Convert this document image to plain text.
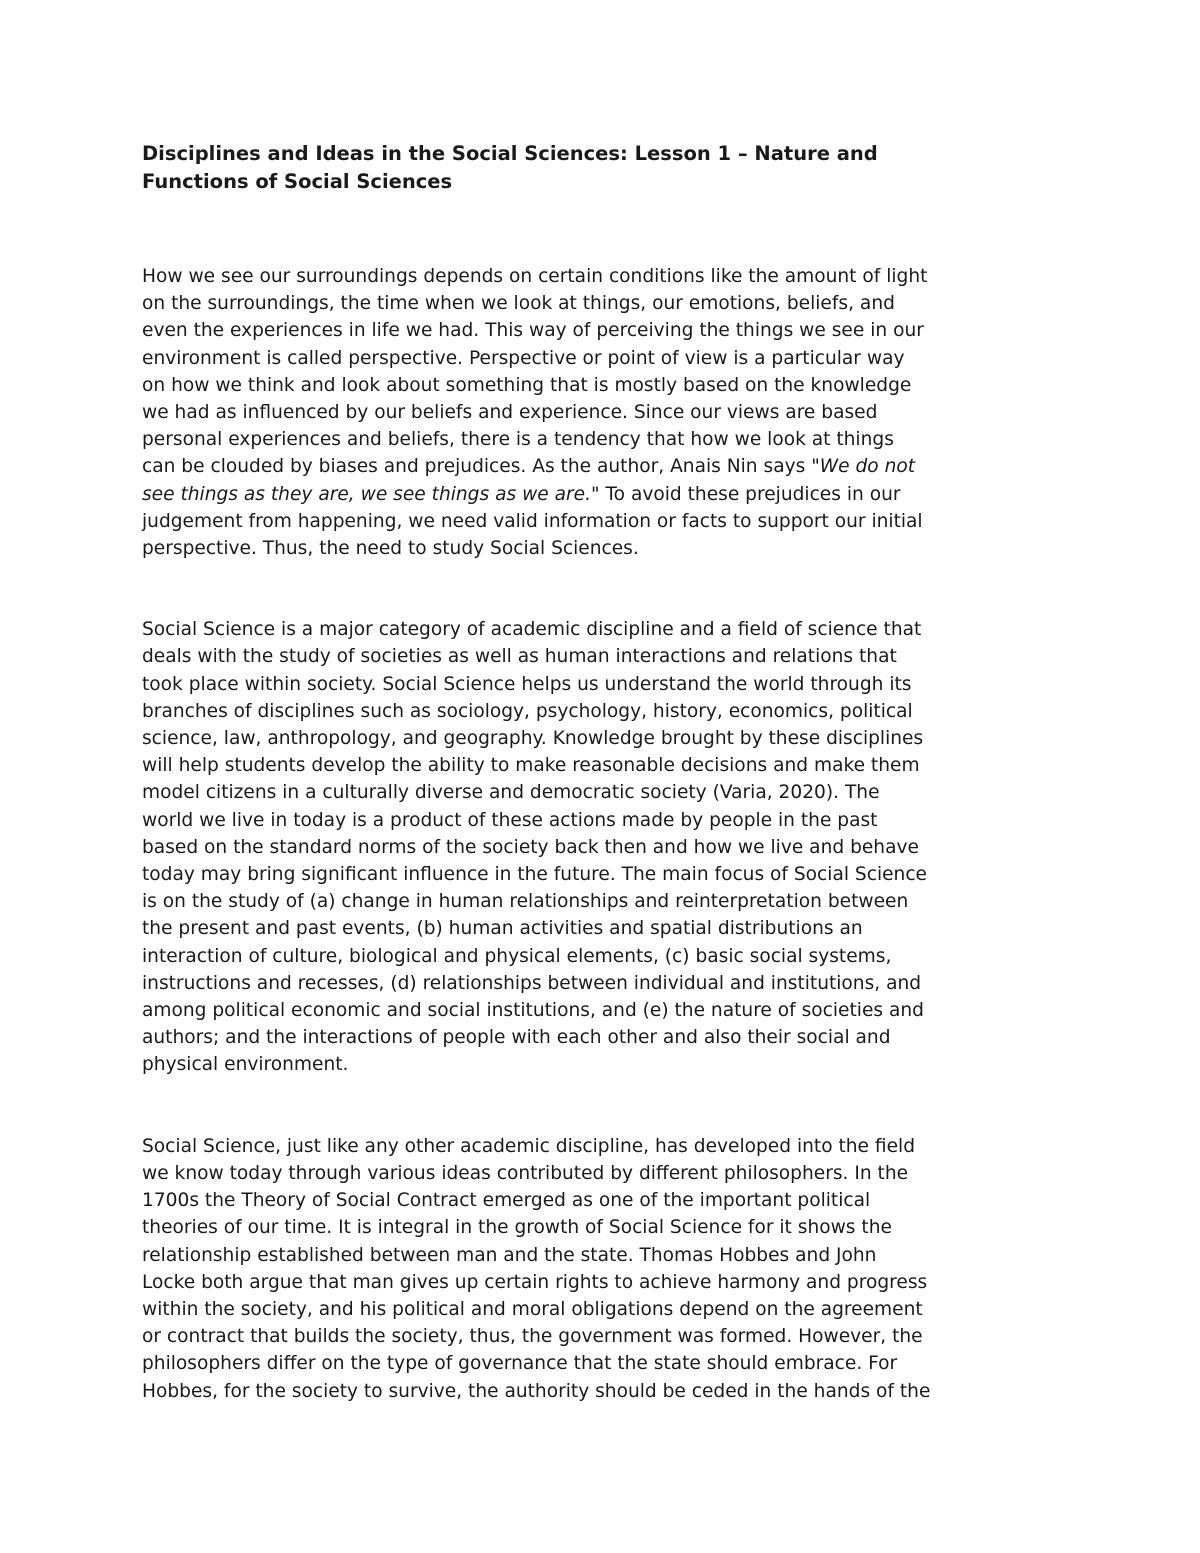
Disciplines and Ideas in the Social Sciences: Lesson 1 – Nature and
Functions of Social Sciences

How we see our surroundings depends on certain conditions like the amount of light
on the surroundings, the time when we look at things, our emotions, beliefs, and
even the experiences in life we had. This way of perceiving the things we see in our
environment is called perspective. Perspective or point of view is a particular way
on how we think and look about something that is mostly based on the knowledge
we had as influenced by our beliefs and experience. Since our views are based
personal experiences and beliefs, there is a tendency that how we look at things
can be clouded by biases and prejudices. As the author, Anais Nin says "We do not
see things as they are, we see things as we are." To avoid these prejudices in our
judgement from happening, we need valid information or facts to support our initial
perspective. Thus, the need to study Social Sciences.

Social Science is a major category of academic discipline and a field of science that
deals with the study of societies as well as human interactions and relations that
took place within society. Social Science helps us understand the world through its
branches of disciplines such as sociology, psychology, history, economics, political
science, law, anthropology, and geography. Knowledge brought by these disciplines
will help students develop the ability to make reasonable decisions and make them
model citizens in a culturally diverse and democratic society (Varia, 2020). The
world we live in today is a product of these actions made by people in the past
based on the standard norms of the society back then and how we live and behave
today may bring significant influence in the future. The main focus of Social Science
is on the study of (a) change in human relationships and reinterpretation between
the present and past events, (b) human activities and spatial distributions an
interaction of culture, biological and physical elements, (c) basic social systems,
instructions and recesses, (d) relationships between individual and institutions, and
among political economic and social institutions, and (e) the nature of societies and
authors; and the interactions of people with each other and also their social and
physical environment.

Social Science, just like any other academic discipline, has developed into the field
we know today through various ideas contributed by different philosophers. In the
1700s the Theory of Social Contract emerged as one of the important political
theories of our time. It is integral in the growth of Social Science for it shows the
relationship established between man and the state. Thomas Hobbes and John
Locke both argue that man gives up certain rights to achieve harmony and progress
within the society, and his political and moral obligations depend on the agreement
or contract that builds the society, thus, the government was formed. However, the
philosophers differ on the type of governance that the state should embrace. For
Hobbes, for the society to survive, the authority should be ceded in the hands of the
